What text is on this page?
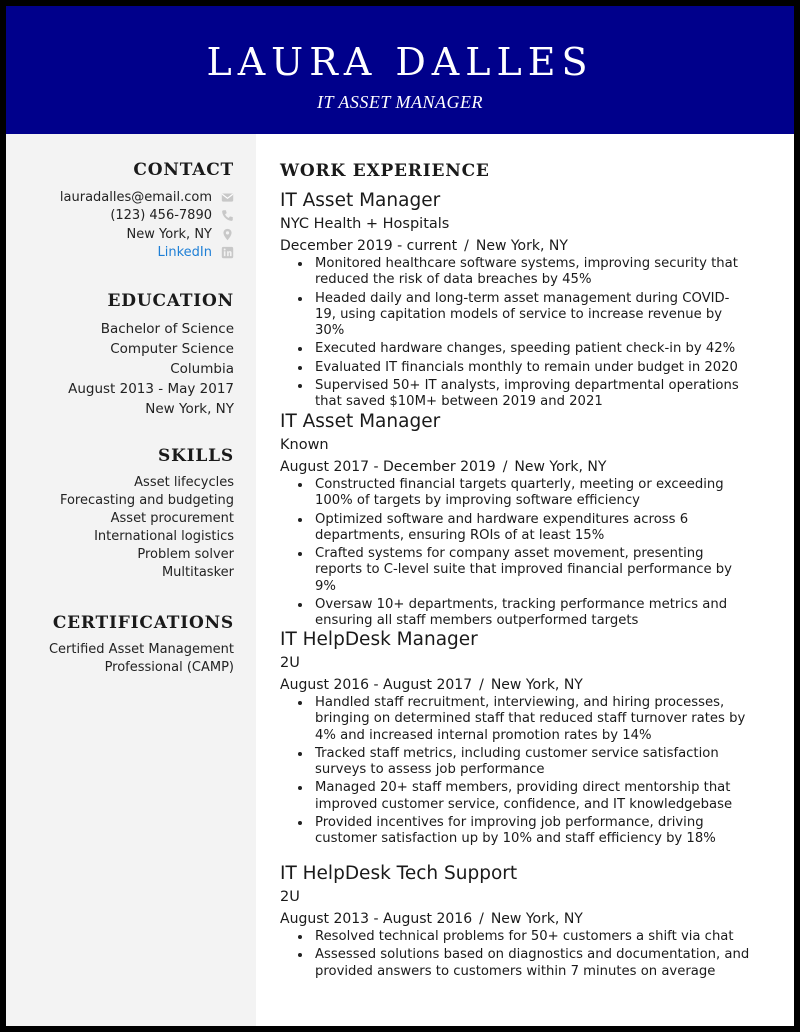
LAURA DALLES
IT ASSET MANAGER
CONTACT
lauradalles@email.com
(123) 456-7890
New York, NY
LinkedIn
EDUCATION
Bachelor of Science
Computer Science
Columbia
August 2013 - May 2017
New York, NY
SKILLS
Asset lifecycles
Forecasting and budgeting
Asset procurement
International logistics
Problem solver
Multitasker
CERTIFICATIONS
Certified Asset Management
Professional (CAMP)
WORK EXPERIENCE
IT Asset Manager
NYC Health + Hospitals
December 2019 - current / New York, NY
Monitored healthcare software systems, improving security that reduced the risk of data breaches by 45%
Headed daily and long-term asset management during COVID-19, using capitation models of service to increase revenue by 30%
Executed hardware changes, speeding patient check-in by 42%
Evaluated IT financials monthly to remain under budget in 2020
Supervised 50+ IT analysts, improving departmental operations that saved $10M+ between 2019 and 2021
IT Asset Manager
Known
August 2017 - December 2019 / New York, NY
Constructed financial targets quarterly, meeting or exceeding 100% of targets by improving software efficiency
Optimized software and hardware expenditures across 6 departments, ensuring ROIs of at least 15%
Crafted systems for company asset movement, presenting reports to C-level suite that improved financial performance by 9%
Oversaw 10+ departments, tracking performance metrics and ensuring all staff members outperformed targets
IT HelpDesk Manager
2U
August 2016 - August 2017 / New York, NY
Handled staff recruitment, interviewing, and hiring processes, bringing on determined staff that reduced staff turnover rates by 4% and increased internal promotion rates by 14%
Tracked staff metrics, including customer service satisfaction surveys to assess job performance
Managed 20+ staff members, providing direct mentorship that improved customer service, confidence, and IT knowledgebase
Provided incentives for improving job performance, driving customer satisfaction up by 10% and staff efficiency by 18%
IT HelpDesk Tech Support
2U
August 2013 - August 2016 / New York, NY
Resolved technical problems for 50+ customers a shift via chat
Assessed solutions based on diagnostics and documentation, and provided answers to customers within 7 minutes on average
